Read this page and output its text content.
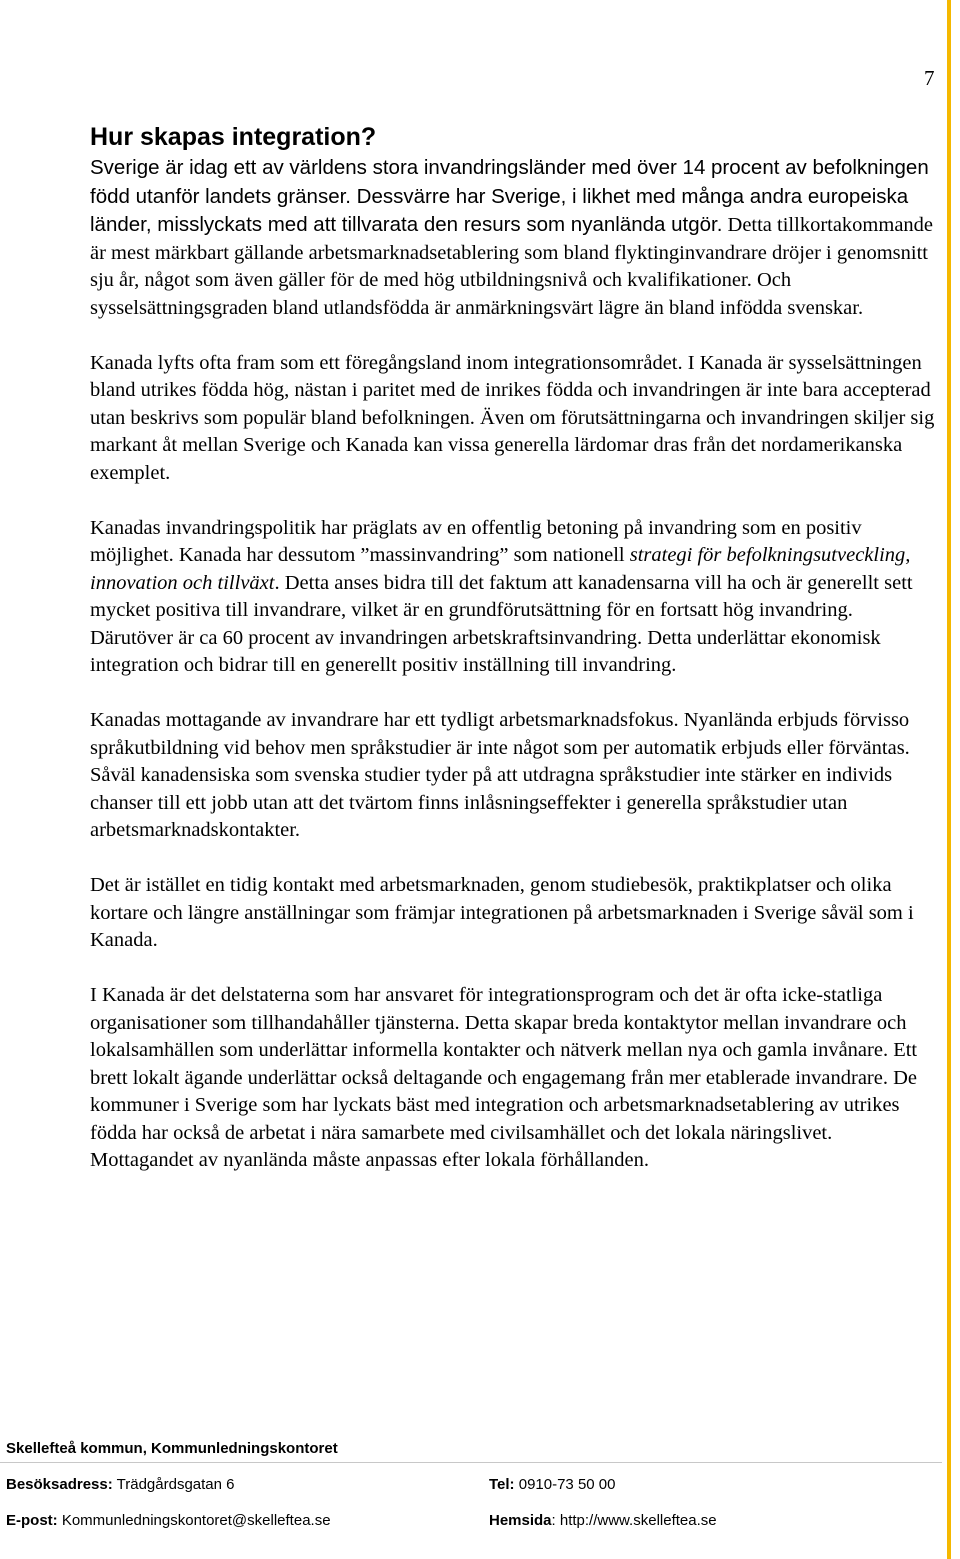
7
Hur skapas integration?

Sverige är idag ett av världens stora invandringsländer med över 14 procent av befolkningen född utanför landets gränser. Dessvärre har Sverige, i likhet med många andra europeiska länder, misslyckats med att tillvarata den resurs som nyanlända utgör. Detta tillkortakommande är mest märkbart gällande arbetsmarknadsetablering som bland flyktinginvandrare dröjer i genomsnitt sju år, något som även gäller för de med hög utbildningsnivå och kvalifikationer. Och sysselsättningsgraden bland utlandsfödda är anmärkningsvärt lägre än bland infödda svenskar.

Kanada lyfts ofta fram som ett föregångsland inom integrationsområdet. I Kanada är sysselsättningen bland utrikes födda hög, nästan i paritet med de inrikes födda och invandringen är inte bara accepterad utan beskrivs som populär bland befolkningen. Även om förutsättningarna och invandringen skiljer sig markant åt mellan Sverige och Kanada kan vissa generella lärdomar dras från det nordamerikanska exemplet.

Kanadas invandringspolitik har präglats av en offentlig betoning på invandring som en positiv möjlighet. Kanada har dessutom ”massinvandring” som nationell strategi för befolkningsutveckling, innovation och tillväxt. Detta anses bidra till det faktum att kanadensarna vill ha och är generellt sett mycket positiva till invandrare, vilket är en grundförutsättning för en fortsatt hög invandring. Därutöver är ca 60 procent av invandringen arbetskraftsinvandring. Detta underlättar ekonomisk integration och bidrar till en generellt positiv inställning till invandring.

Kanadas mottagande av invandrare har ett tydligt arbetsmarknadsfokus. Nyanlända erbjuds förvisso språkutbildning vid behov men språkstudier är inte något som per automatik erbjuds eller förväntas. Såväl kanadensiska som svenska studier tyder på att utdragna språkstudier inte stärker en individs chanser till ett jobb utan att det tvärtom finns inlåsningseffekter i generella språkstudier utan arbetsmarknadskontakter.

Det är istället en tidig kontakt med arbetsmarknaden, genom studiebesök, praktikplatser och olika kortare och längre anställningar som främjar integrationen på arbetsmarknaden i Sverige såväl som i Kanada.

I Kanada är det delstaterna som har ansvaret för integrationsprogram och det är ofta icke-statliga organisationer som tillhandahåller tjänsterna. Detta skapar breda kontaktytor mellan invandrare och lokalsamhällen som underlättar informella kontakter och nätverk mellan nya och gamla invånare. Ett brett lokalt ägande underlättar också deltagande och engagemang från mer etablerade invandrare. De kommuner i Sverige som har lyckats bäst med integration och arbetsmarknadsetablering av utrikes födda har också de arbetat i nära samarbete med civilsamhället och det lokala näringslivet. Mottagandet av nyanlända måste anpassas efter lokala förhållanden.

Skellefteå kommun, Kommunledningskontoret
Besöksadress: Trädgårdsgatan 6	Tel: 0910-73 50 00
E-post: Kommunledningskontoret@skelleftea.se	Hemsida: http://www.skelleftea.se
